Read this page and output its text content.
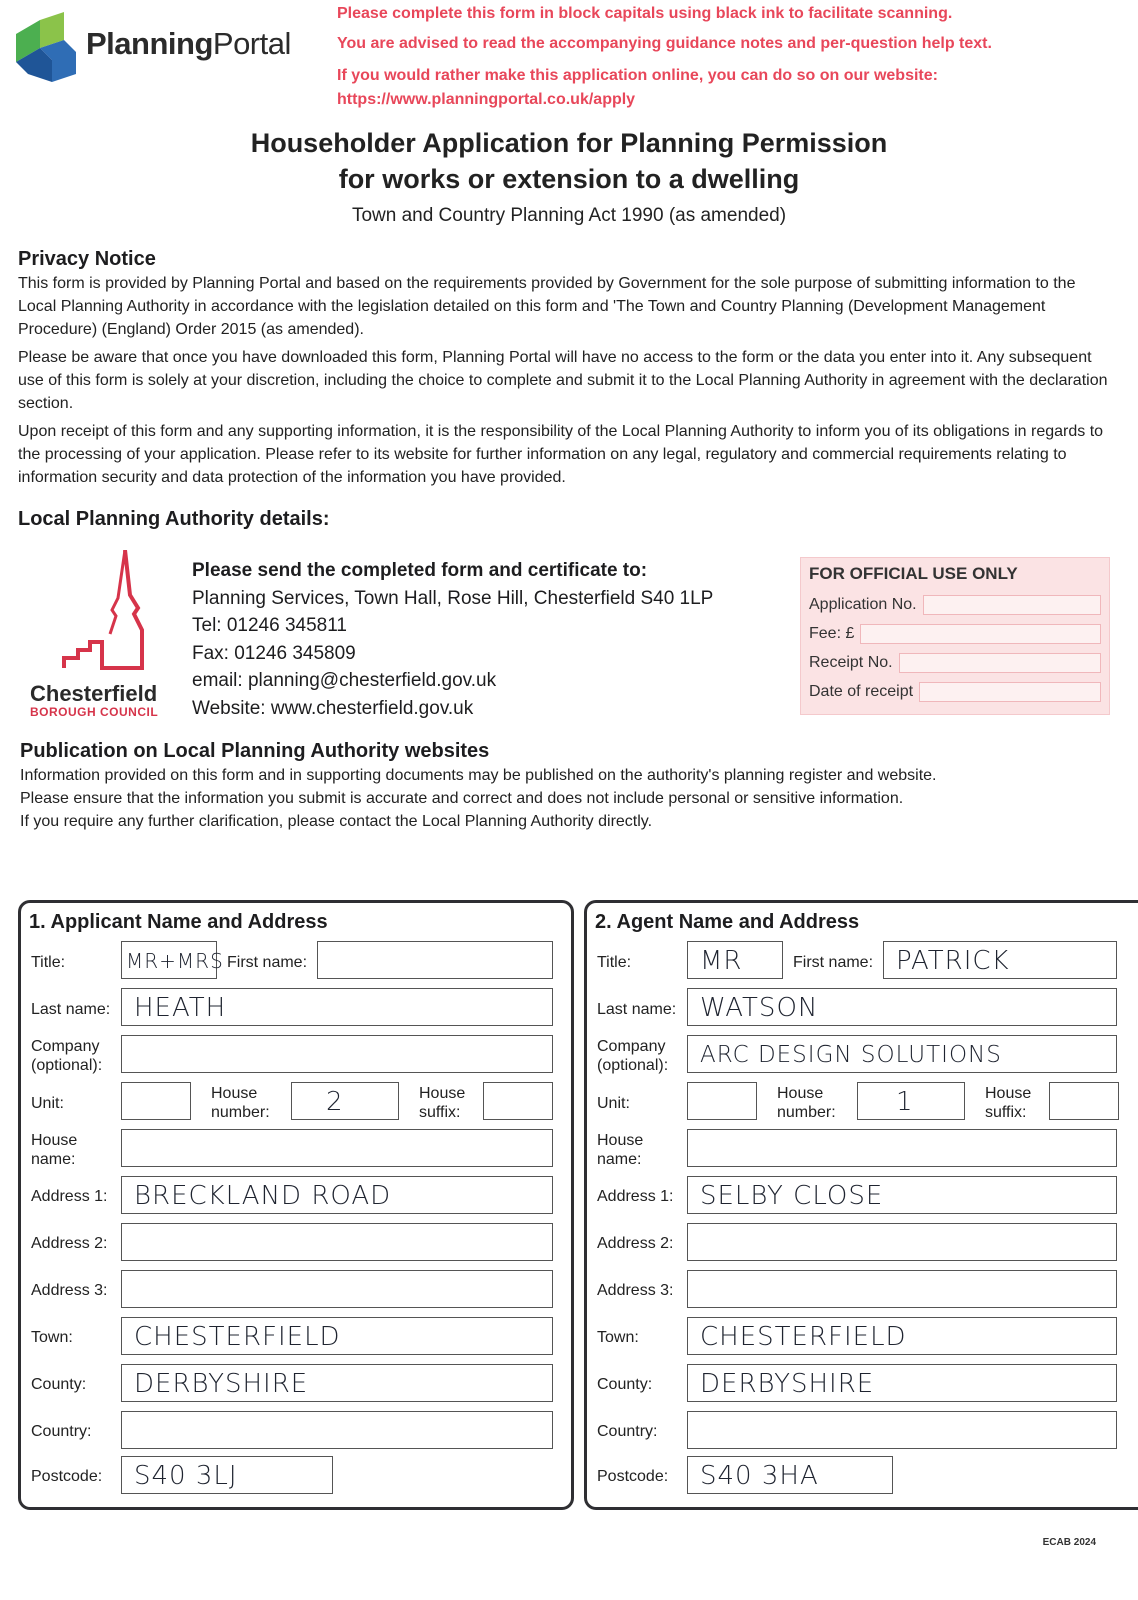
PlanningPortal
Please complete this form in block capitals using black ink to facilitate scanning.
You are advised to read the accompanying guidance notes and per-question help text.
If you would rather make this application online, you can do so on our website:
https://www.planningportal.co.uk/apply
Householder Application for Planning Permission
for works or extension to a dwelling
Town and Country Planning Act 1990 (as amended)
Privacy Notice
This form is provided by Planning Portal and based on the requirements provided by Government for the sole purpose of submitting information to the Local Planning Authority in accordance with the legislation detailed on this form and 'The Town and Country Planning (Development Management Procedure) (England) Order 2015 (as amended).
Please be aware that once you have downloaded this form, Planning Portal will have no access to the form or the data you enter into it. Any subsequent use of this form is solely at your discretion, including the choice to complete and submit it to the Local Planning Authority in agreement with the declaration section.
Upon receipt of this form and any supporting information, it is the responsibility of the Local Planning Authority to inform you of its obligations in regards to the processing of your application. Please refer to its website for further information on any legal, regulatory and commercial requirements relating to information security and data protection of the information you have provided.
Local Planning Authority details:
Chesterfield
BOROUGH COUNCIL
Please send the completed form and certificate to:
Planning Services, Town Hall, Rose Hill, Chesterfield S40 1LP
Tel: 01246 345811
Fax: 01246 345809
email: planning@chesterfield.gov.uk
Website: www.chesterfield.gov.uk
FOR OFFICIAL USE ONLY
Application No.
Fee: £
Receipt No.
Date of receipt
Publication on Local Planning Authority websites
Information provided on this form and in supporting documents may be published on the authority's planning register and website.
Please ensure that the information you submit is accurate and correct and does not include personal or sensitive information.
If you require any further clarification, please contact the Local Planning Authority directly.
1. Applicant Name and Address
Title:	MR+MRS First name:
Last name: HEATH
Company
(optional):
Unit:
House
number:	2	House
suffix:
House
name:
Address 1:	BRECKLAND ROAD
Address 2:
Address 3:
Town:	CHESTERFIELD
County:	DERBYSHIRE
Country:
Postcode:	S40 3LJ
2. Agent Name and Address
Title:	MR	First name: PATRICK
Last name: WATSON
Company
(optional):	ARC DESIGN SOLUTIONS
Unit:
House
number:	1	House
suffix:
House
name:
Address 1:	SELBY CLOSE
Address 2:
Address 3:
Town:	CHESTERFIELD
County:	DERBYSHIRE
Country:
Postcode:	S40 3HA
ECAB 2024
